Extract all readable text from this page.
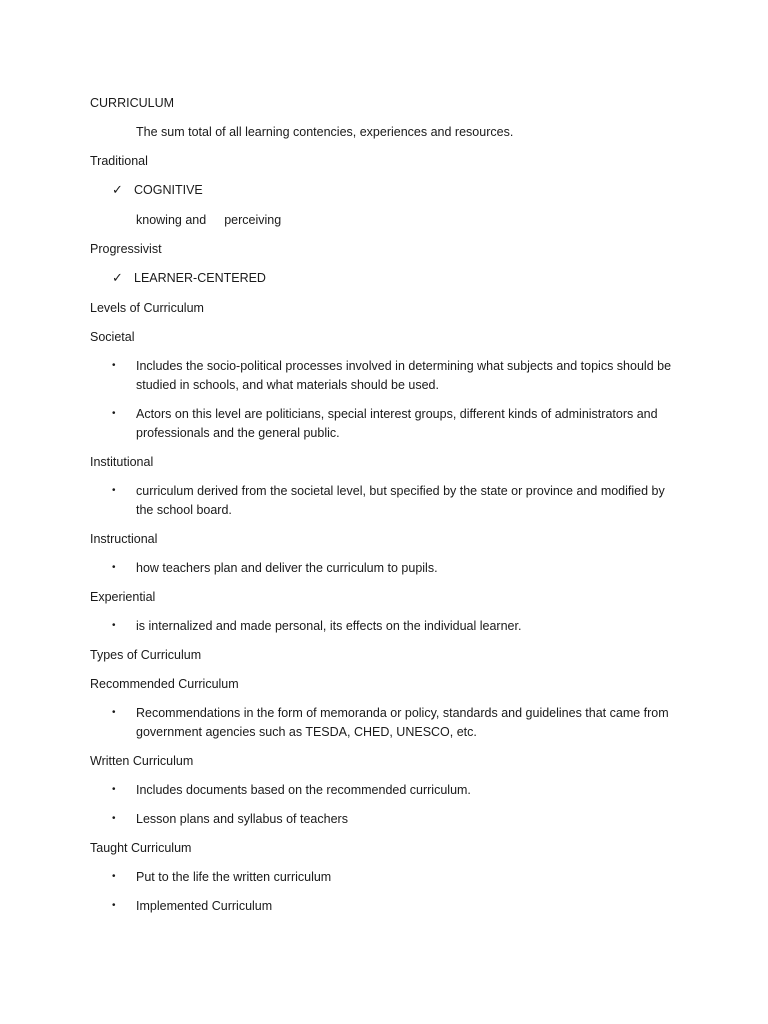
CURRICULUM
The sum total of all learning contencies, experiences and resources.
Traditional
✓ COGNITIVE
knowing and perceiving
Progressivist
✓ LEARNER-CENTERED
Levels of Curriculum
Societal
•	Includes the socio-political processes involved in determining what subjects and topics should be studied in schools, and what materials should be used.
•	Actors on this level are politicians, special interest groups, different kinds of administrators and professionals and the general public.
Institutional
•	curriculum derived from the societal level, but specified by the state or province and modified by the school board.
Instructional
•	how teachers plan and deliver the curriculum to pupils.
Experiential
•	is internalized and made personal, its effects on the individual learner.
Types of Curriculum
Recommended Curriculum
•	Recommendations in the form of memoranda or policy, standards and guidelines that came from government agencies such as TESDA, CHED, UNESCO, etc.
Written Curriculum
•	Includes documents based on the recommended curriculum.
•	Lesson plans and syllabus of teachers
Taught Curriculum
•	Put to the life the written curriculum
•	Implemented Curriculum
